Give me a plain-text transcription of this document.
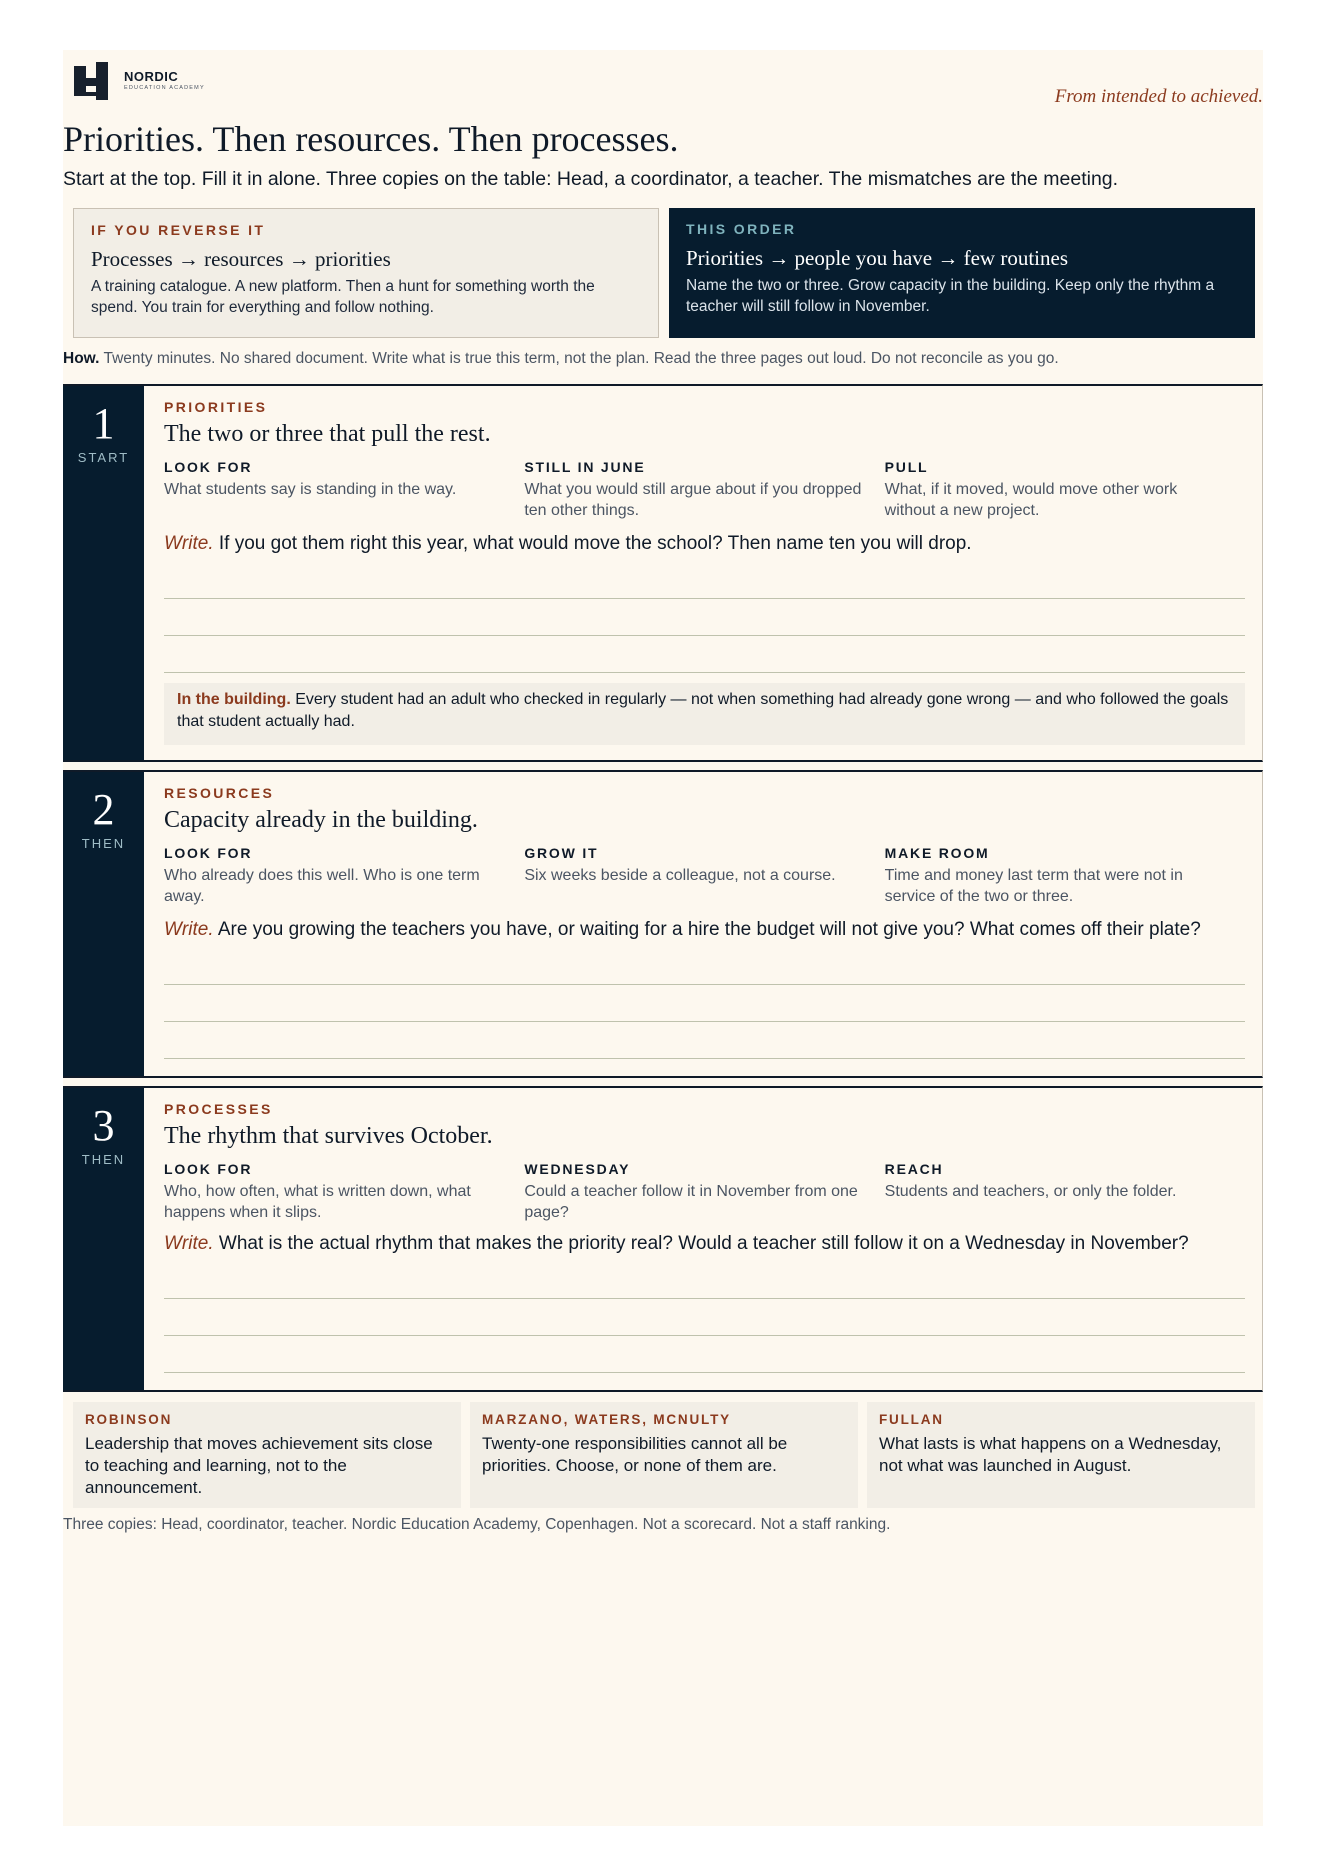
NORDIC
EDUCATION ACADEMY	From intended to achieved.
Priorities. Then resources. Then processes.
Start at the top. Fill it in alone. Three copies on the table: Head, a coordinator, a teacher. The mismatches are the meeting.
IF YOU REVERSE IT
Processes → resources → priorities
A training catalogue. A new platform. Then a hunt for something worth the spend. You train for everything and follow nothing.
THIS ORDER
Priorities → people you have → few routines
Name the two or three. Grow capacity in the building. Keep only the rhythm a teacher will still follow in November.
How. Twenty minutes. No shared document. Write what is true this term, not the plan. Read the three pages out loud. Do not reconcile as you go.
1
START
PRIORITIES
The two or three that pull the rest.
LOOK FOR
What students say is standing in the way.
STILL IN JUNE
What you would still argue about if you dropped ten other things.
PULL
What, if it moved, would move other work without a new project.
Write. If you got them right this year, what would move the school? Then name ten you will drop.
In the building. Every student had an adult who checked in regularly — not when something had already gone wrong — and who followed the goals that student actually had.
2
THEN
RESOURCES
Capacity already in the building.
LOOK FOR
Who already does this well. Who is one term away.
GROW IT
Six weeks beside a colleague, not a course.
MAKE ROOM
Time and money last term that were not in service of the two or three.
Write. Are you growing the teachers you have, or waiting for a hire the budget will not give you? What comes off their plate?
3
THEN
PROCESSES
The rhythm that survives October.
LOOK FOR
Who, how often, what is written down, what happens when it slips.
WEDNESDAY
Could a teacher follow it in November from one page?
REACH
Students and teachers, or only the folder.
Write. What is the actual rhythm that makes the priority real? Would a teacher still follow it on a Wednesday in November?
ROBINSON
Leadership that moves achievement sits close to teaching and learning, not to the announcement.
MARZANO, WATERS, MCNULTY
Twenty-one responsibilities cannot all be priorities. Choose, or none of them are.
FULLAN
What lasts is what happens on a Wednesday, not what was launched in August.
Three copies: Head, coordinator, teacher. Nordic Education Academy, Copenhagen. Not a scorecard. Not a staff ranking.
